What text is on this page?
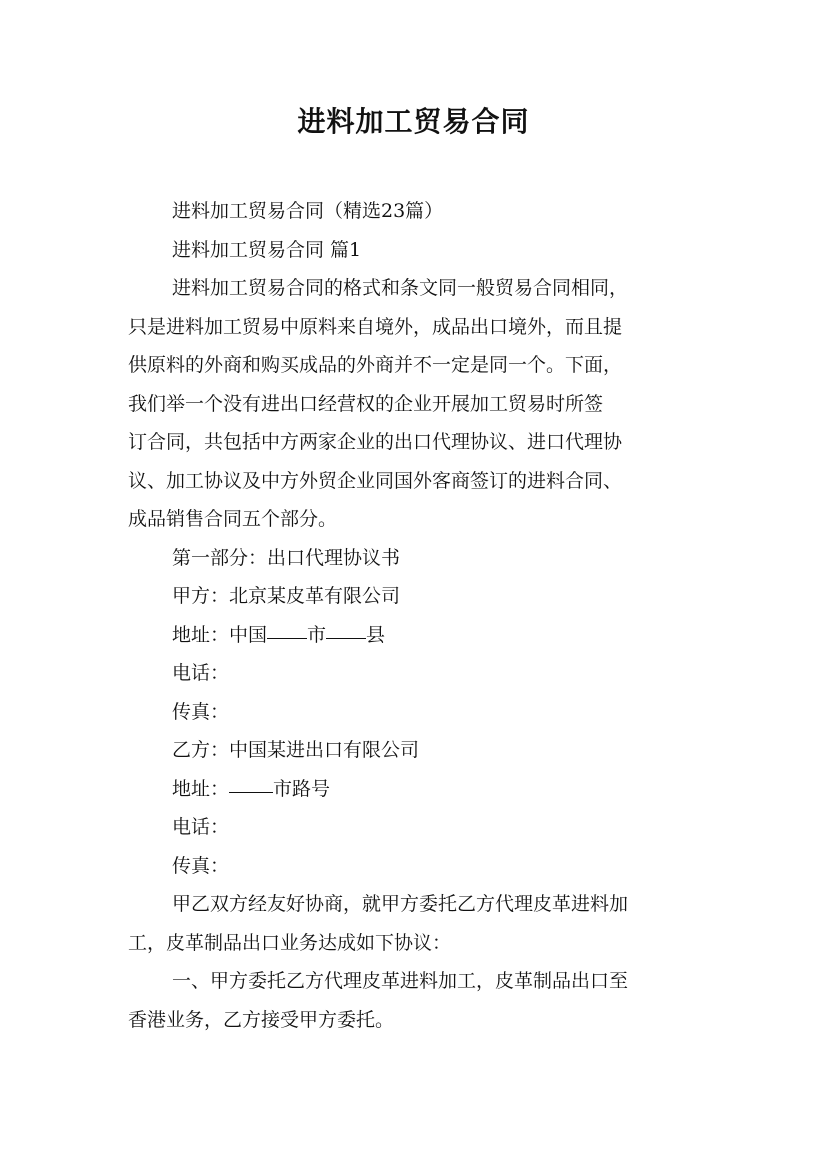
进料加工贸易合同
进料加工贸易合同（精选23篇）
进料加工贸易合同 篇1
进料加工贸易合同的格式和条文同一般贸易合同相同，
只是进料加工贸易中原料来自境外，成品出口境外，而且提
供原料的外商和购买成品的外商并不一定是同一个。下面，
我们举一个没有进出口经营权的企业开展加工贸易时所签
订合同，共包括中方两家企业的出口代理协议、进口代理协
议、加工协议及中方外贸企业同国外客商签订的进料合同、
成品销售合同五个部分。
第一部分：出口代理协议书
甲方：北京某皮革有限公司
地址：中国 市 县
电话：
传真：
乙方：中国某进出口有限公司
地址： 市路号
电话：
传真：
甲乙双方经友好协商，就甲方委托乙方代理皮革进料加
工，皮革制品出口业务达成如下协议：
一、甲方委托乙方代理皮革进料加工，皮革制品出口至
香港业务，乙方接受甲方委托。
